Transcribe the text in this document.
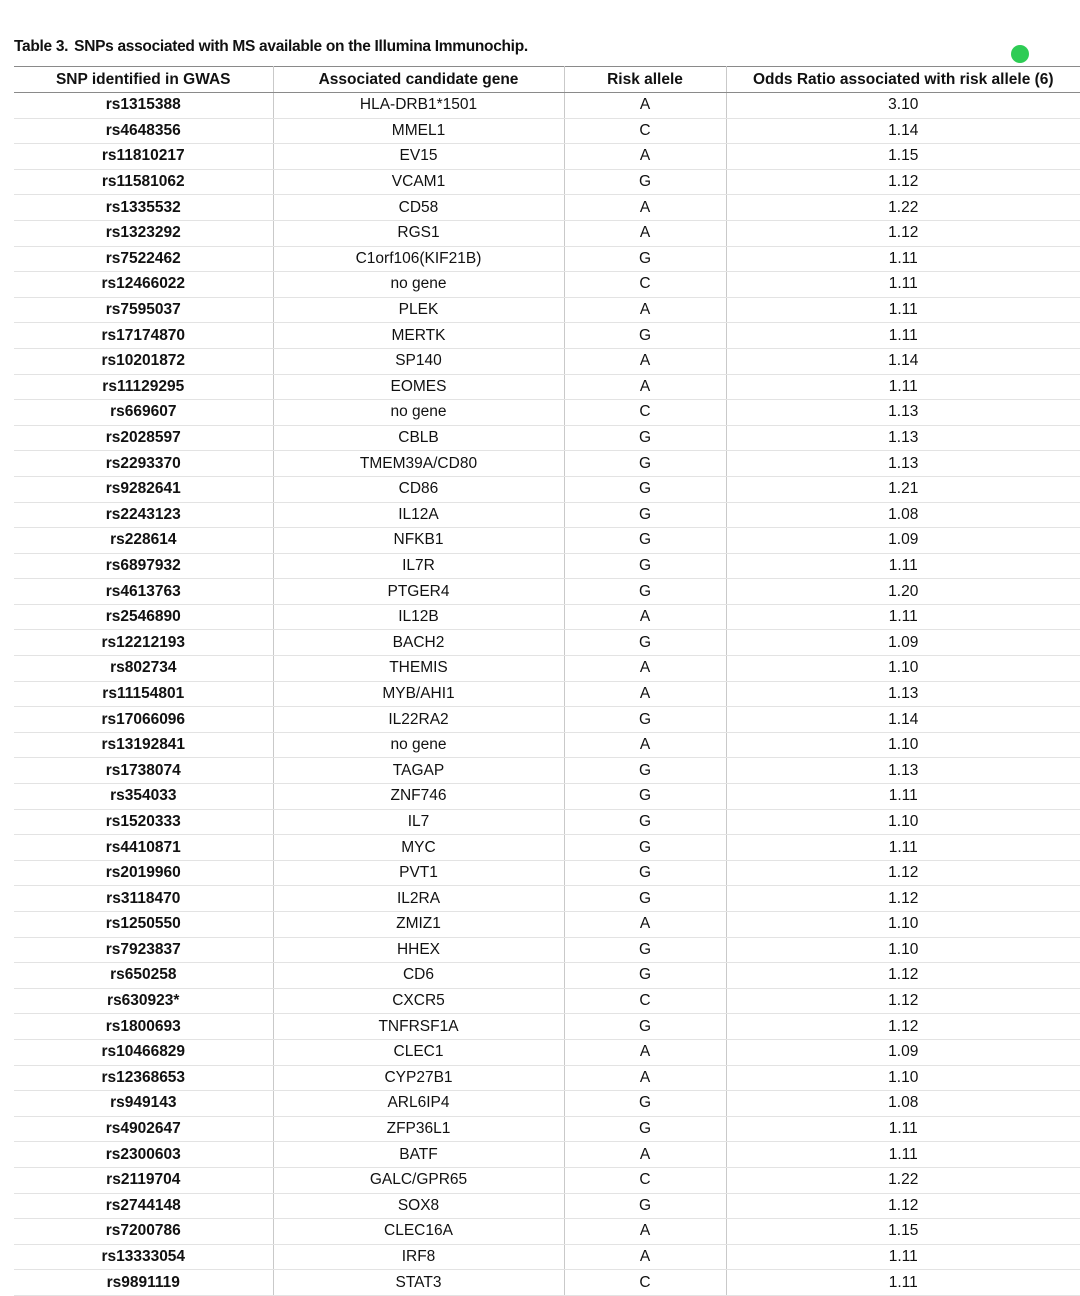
Table 3. SNPs associated with MS available on the Illumina Immunochip.
SNP identified in GWAS	Associated candidate gene	Risk allele	Odds Ratio associated with risk allele (6)
rs1315388	HLA-DRB1*1501	A	3.10
rs4648356	MMEL1	C	1.14
rs11810217	EV15	A	1.15
rs11581062	VCAM1	G	1.12
rs1335532	CD58	A	1.22
rs1323292	RGS1	A	1.12
rs7522462	C1orf106(KIF21B)	G	1.11
rs12466022	no gene	C	1.11
rs7595037	PLEK	A	1.11
rs17174870	MERTK	G	1.11
rs10201872	SP140	A	1.14
rs11129295	EOMES	A	1.11
rs669607	no gene	C	1.13
rs2028597	CBLB	G	1.13
rs2293370	TMEM39A/CD80	G	1.13
rs9282641	CD86	G	1.21
rs2243123	IL12A	G	1.08
rs228614	NFKB1	G	1.09
rs6897932	IL7R	G	1.11
rs4613763	PTGER4	G	1.20
rs2546890	IL12B	A	1.11
rs12212193	BACH2	G	1.09
rs802734	THEMIS	A	1.10
rs11154801	MYB/AHI1	A	1.13
rs17066096	IL22RA2	G	1.14
rs13192841	no gene	A	1.10
rs1738074	TAGAP	G	1.13
rs354033	ZNF746	G	1.11
rs1520333	IL7	G	1.10
rs4410871	MYC	G	1.11
rs2019960	PVT1	G	1.12
rs3118470	IL2RA	G	1.12
rs1250550	ZMIZ1	A	1.10
rs7923837	HHEX	G	1.10
rs650258	CD6	G	1.12
rs630923*	CXCR5	C	1.12
rs1800693	TNFRSF1A	G	1.12
rs10466829	CLEC1	A	1.09
rs12368653	CYP27B1	A	1.10
rs949143	ARL6IP4	G	1.08
rs4902647	ZFP36L1	G	1.11
rs2300603	BATF	A	1.11
rs2119704	GALC/GPR65	C	1.22
rs2744148	SOX8	G	1.12
rs7200786	CLEC16A	A	1.15
rs13333054	IRF8	A	1.11
rs9891119	STAT3	C	1.11
